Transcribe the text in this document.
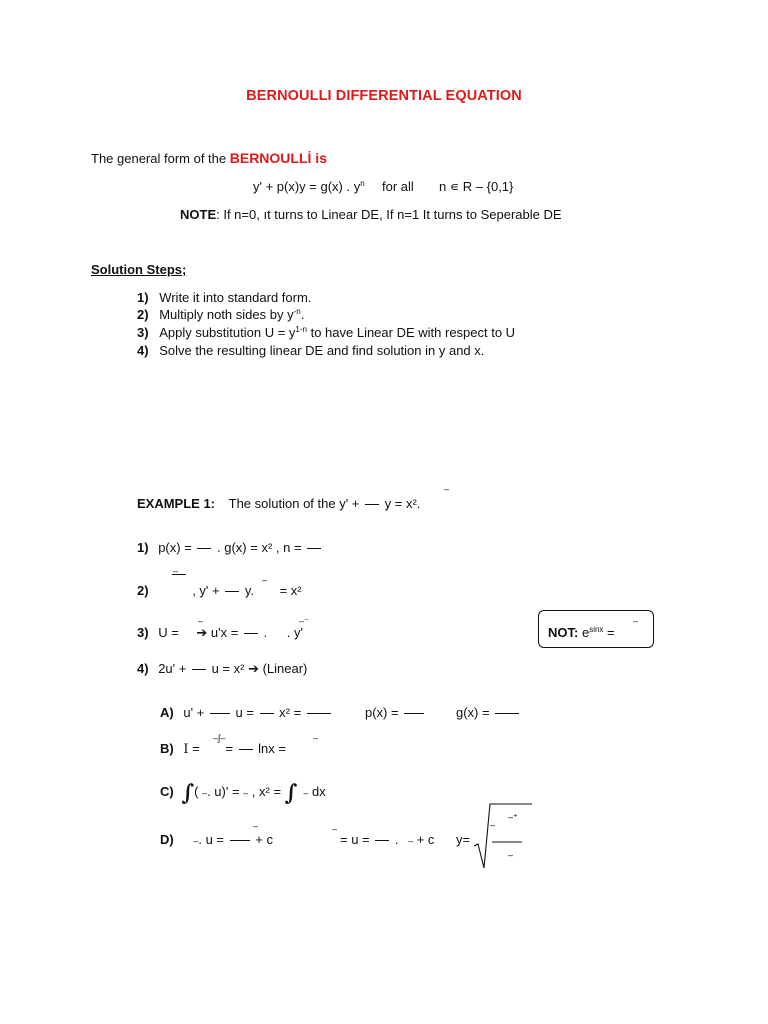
BERNOULLI DIFFERENTIAL EQUATION
The general form of the BERNOULLİ is
y' + p(x)y = g(x) . $y^n$ for all n ∊ R – {0,1}
NOTE: If n=0, ıt turns to Linear DE, If n=1 It turns to Seperable DE
Solution Steps;
1) Write it into standard form.
2) Multiply noth sides by $y^{-n}$.
3) Apply substitution $U = y^{1-n}$ to have Linear DE with respect to U
4) Solve the resulting linear DE and find solution in y and x.
EXAMPLE 1: The solution of the y' +  y = x².
–
1) p(x) =  . g(x) = x² , n =
–
2)	, y' +  y. = x²
–
3) U = ➔ u'x =  . . y'
–	–⁻
NOT: $e^{sinx}$ =
–
4) 2u' +  u = x² ➔ (Linear)
A) u' +  u =  x² =	p(x) =	g(x) =
B) I = =  lnx =
–∫–	–
C) ∫( –. u)' = – , x² = ∫ – dx
D) –. u =  + c
–	–
= u =  . – + c y=
–
–⁺
–
